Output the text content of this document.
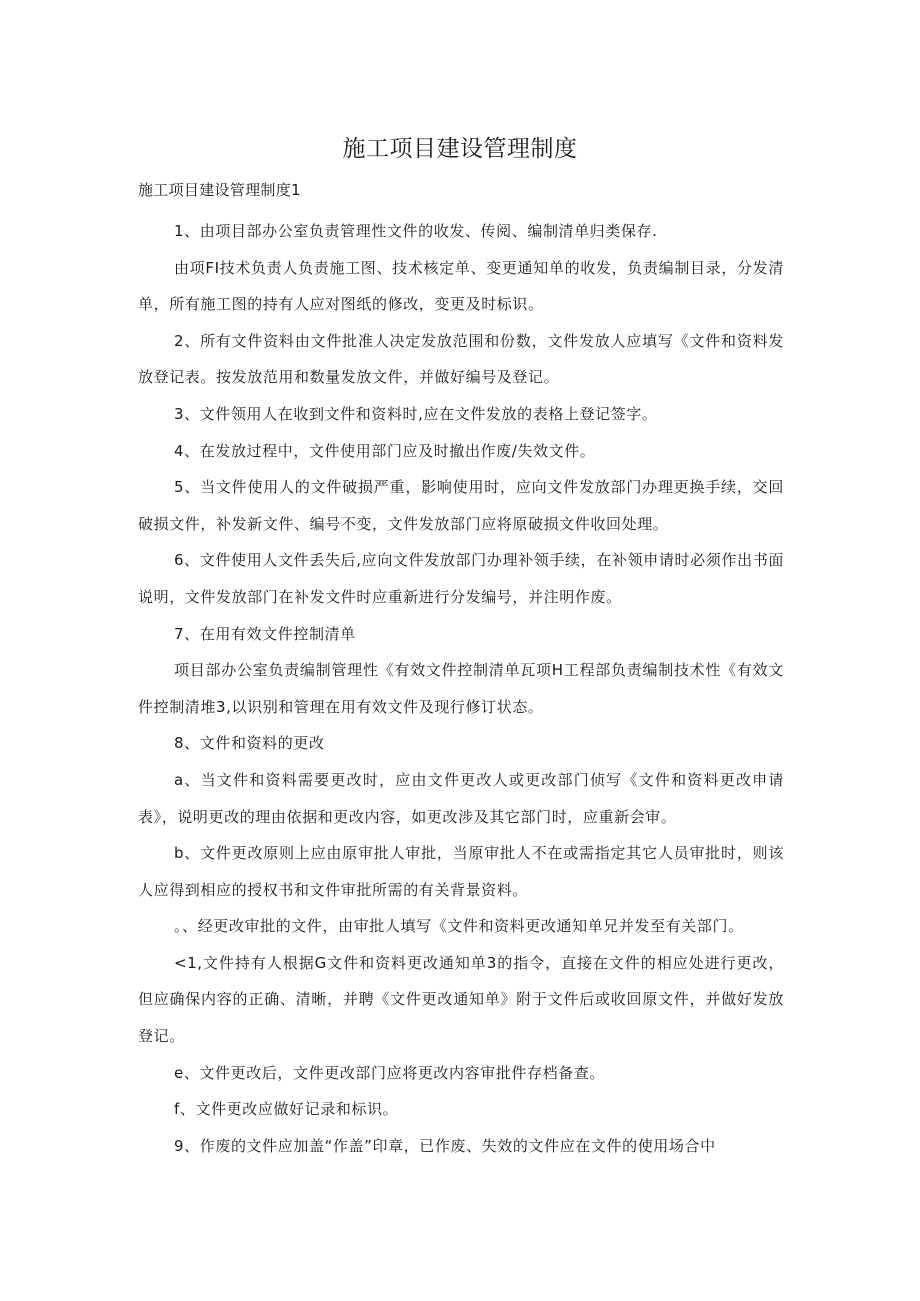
施工项目建设管理制度
施工项目建设管理制度1

1、由项目部办公室负责管理性文件的收发、传阅、编制清单归类保存.

由项FI技术负责人负责施工图、技术核定单、变更通知单的收发，负责编制目录，分发清单，所有施工图的持有人应对图纸的修改，变更及时标识。

2、所有文件资料由文件批准人决定发放范围和份数，文件发放人应填写《文件和资料发放登记表。按发放范用和数量发放文件，并做好编号及登记。

3、文件领用人在收到文件和资料时,应在文件发放的表格上登记签字。

4、在发放过程中，文件使用部门应及时撤出作废/失效文件。

5、当文件使用人的文件破损严重，影响使用时，应向文件发放部门办理更换手续，交回破损文件，补发新文件、编号不变，文件发放部门应将原破损文件收回处理。

6、文件使用人文件丢失后,应向文件发放部门办理补领手续，在补领申请时必须作出书面说明，文件发放部门在补发文件时应重新进行分发编号，并注明作废。

7、在用有效文件控制清单

项目部办公室负责编制管理性《有效文件控制清单瓦项H工程部负责编制技术性《有效文件控制清堆3,以识别和管理在用有效文件及现行修订状态。

8、文件和资料的更改

a、当文件和资料需要更改时，应由文件更改人或更改部门侦写《文件和资料更改申请表》，说明更改的理由依据和更改内容，如更改涉及其它部门时，应重新会审。

b、文件更改原则上应由原审批人审批，当原审批人不在或需指定其它人员审批时，则该人应得到相应的授权书和文件审批所需的有关背景资料。

。、经更改审批的文件，由审批人填写《文件和资料更改通知单兄并发至有关部门。

<1,文件持有人根据G文件和资料更改通知单3的指令，直接在文件的相应处进行更改，但应确保内容的正确、清晰，并聘《文件更改通知单》附于文件后或收回原文件，并做好发放登记。

e、文件更改后，文件更改部门应将更改内容审批件存档备查。

f、文件更改应做好记录和标识。

9、作废的文件应加盖“作盖”印章，已作废、失效的文件应在文件的使用场合中
